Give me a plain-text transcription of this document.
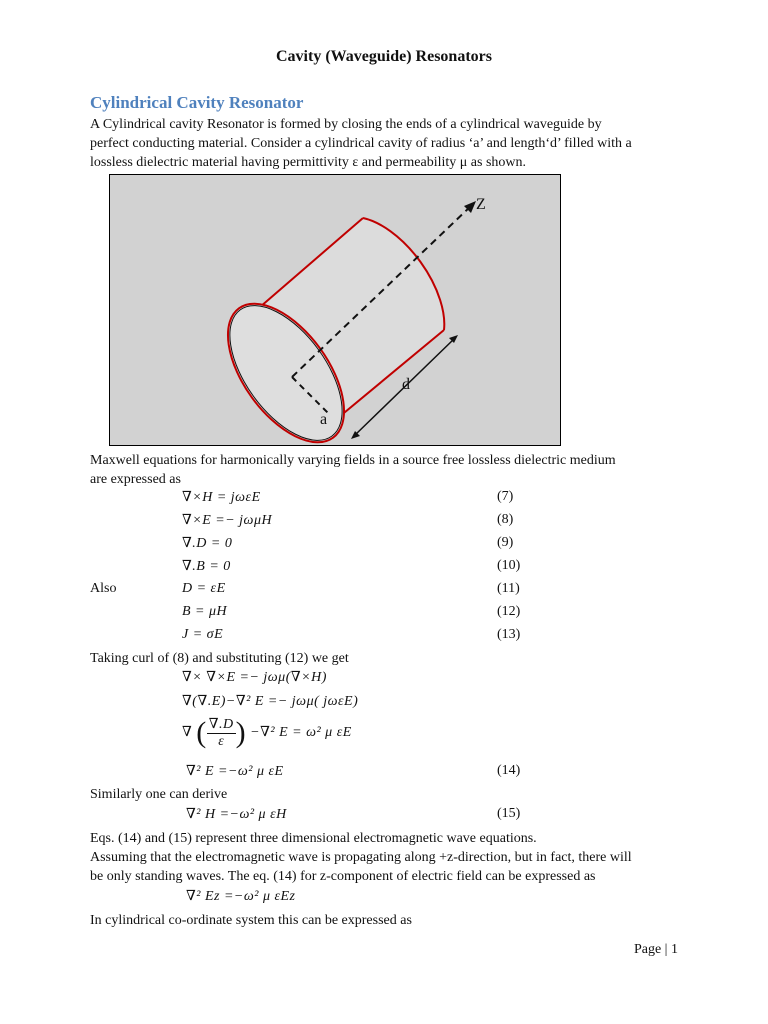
Cavity (Waveguide) Resonators
Cylindrical Cavity Resonator
A Cylindrical cavity Resonator is formed by closing the ends of a cylindrical waveguide by
perfect conducting material. Consider a cylindrical cavity of radius ‘a’ and length‘d’ filled with a
lossless dielectric material having permittivity ε and permeability μ as shown.
Z
d
a
Maxwell equations for harmonically varying fields in a source free lossless dielectric medium
are expressed as
∇×H = jωεE	(7)
∇×E =− jωμH	(8)
∇.D = 0	(9)
∇.B = 0	(10)
Also	D = εE	(11)
B = μH	(12)
J = σE	(13)
Taking curl of (8) and substituting (12) we get
∇× ∇×E =− jωμ(∇×H)
∇(∇.E)−∇² E =− jωμ( jωεE)
∇ ( $\frac{\nabla.D}{\varepsilon}$ ) −∇² E = ω² μ εE
∇² E =−ω² μ εE	(14)
Similarly one can derive
∇² H =−ω² μ εH	(15)
Eqs. (14) and (15) represent three dimensional electromagnetic wave equations.
Assuming that the electromagnetic wave is propagating along +z-direction, but in fact, there will
be only standing waves. The eq. (14) for z-component of electric field can be expressed as
∇² Ez =−ω² μ εEz
In cylindrical co-ordinate system this can be expressed as
Page | 1
